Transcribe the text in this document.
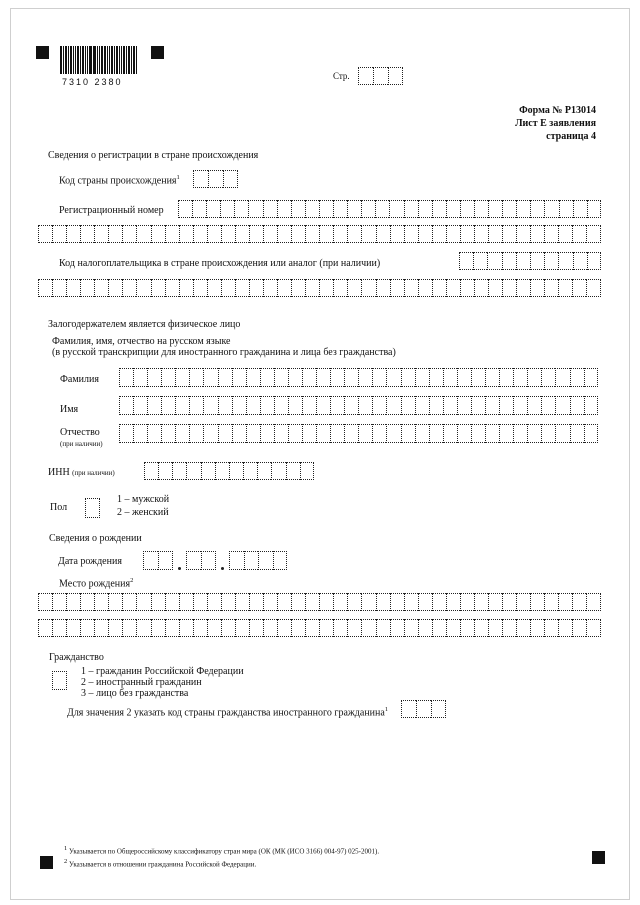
7310 2380
Стр.
Форма № Р13014
Лист Е заявления
страница 4
Сведения о регистрации в стране происхождения
Код страны происхождения$^1$
Регистрационный номер
Код налогоплательщика в стране происхождения или аналог (при наличии)
Залогодержателем является физическое лицо
Фамилия, имя, отчество на русском языке
(в русской транскрипции для иностранного гражданина и лица без гражданства)
Фамилия
Имя
Отчество
(при наличии)
ИНН (при наличии)
Пол
1 – мужской
2 – женский
Сведения о рождении
Дата рождения
Место рождения$^2$
Гражданство
1 – гражданин Российской Федерации
2 – иностранный гражданин
3 – лицо без гражданства
Для значения 2 указать код страны гражданства иностранного гражданина$^1$
$^1$ Указывается по Общероссийскому классификатору стран мира (ОК (МК (ИСО 3166) 004-97) 025-2001).
$^2$ Указывается в отношении гражданина Российской Федерации.
